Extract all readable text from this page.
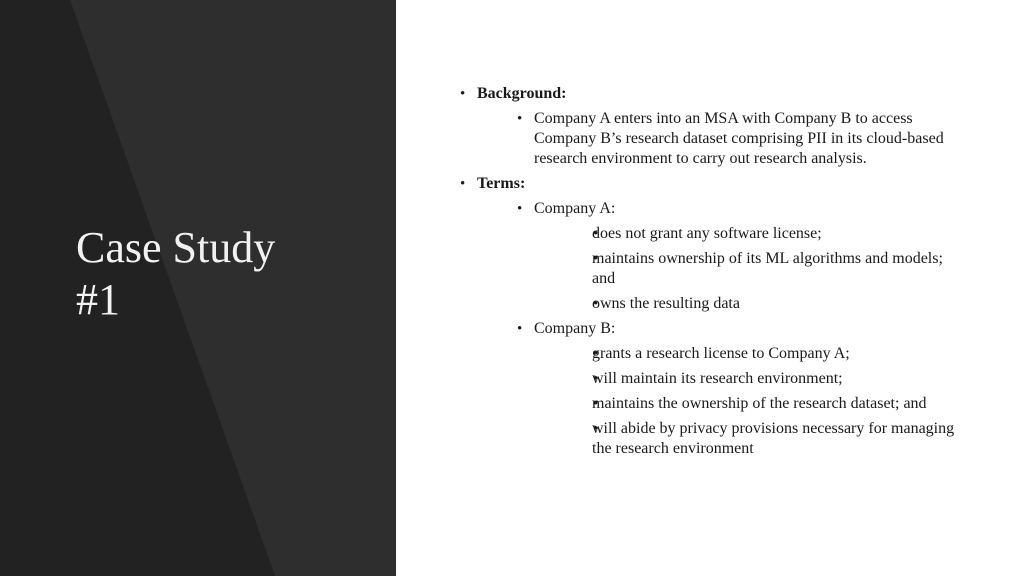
Case Study
#1
• Background:
• Company A enters into an MSA with Company B to access Company B’s research dataset comprising PII in its cloud-based research environment to carry out research analysis.
• Terms:
• Company A:
• does not grant any software license;
• maintains ownership of its ML algorithms and models; and
• owns the resulting data
• Company B:
• grants a research license to Company A;
• will maintain its research environment;
• maintains the ownership of the research dataset; and
• will abide by privacy provisions necessary for managing the research environment
